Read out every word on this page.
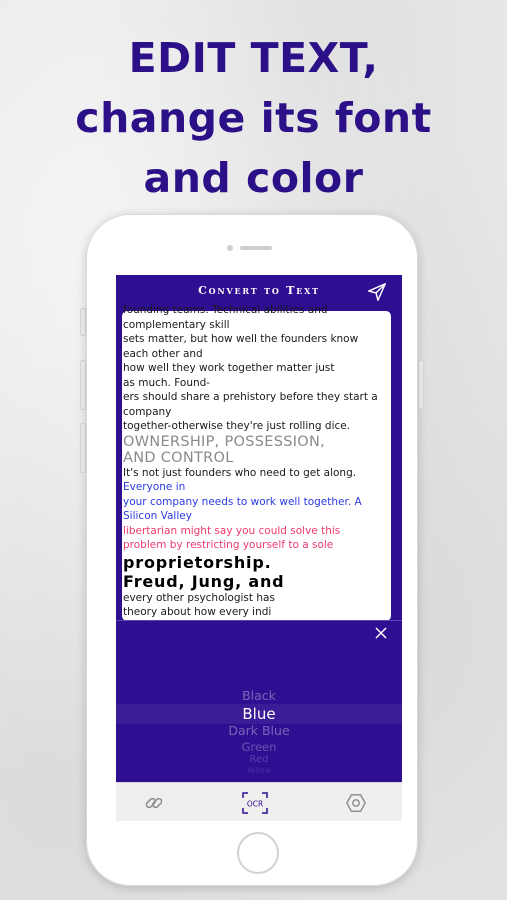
EDIT TEXT,
change its font
and color
Convert to Text

founding teams. Technical abilities and

complementary skill

sets matter, but how well the founders know

each other and

how well they work together matter just

as much. Found-

ers should share a prehistory before they start a

company

together-otherwise they're just rolling dice.

OWNERSHIP, POSSESSION,

AND CONTROL

It's not just founders who need to get along.

Everyone in

your company needs to work well together. A

Silicon Valley

libertarian might say you could solve this

problem by restricting yourself to a sole

proprietorship.

Freud, Jung, and

every other psychologist has

theory about how every indi

Black
Blue
Dark Blue
Green
Red
Yellow
OCR
